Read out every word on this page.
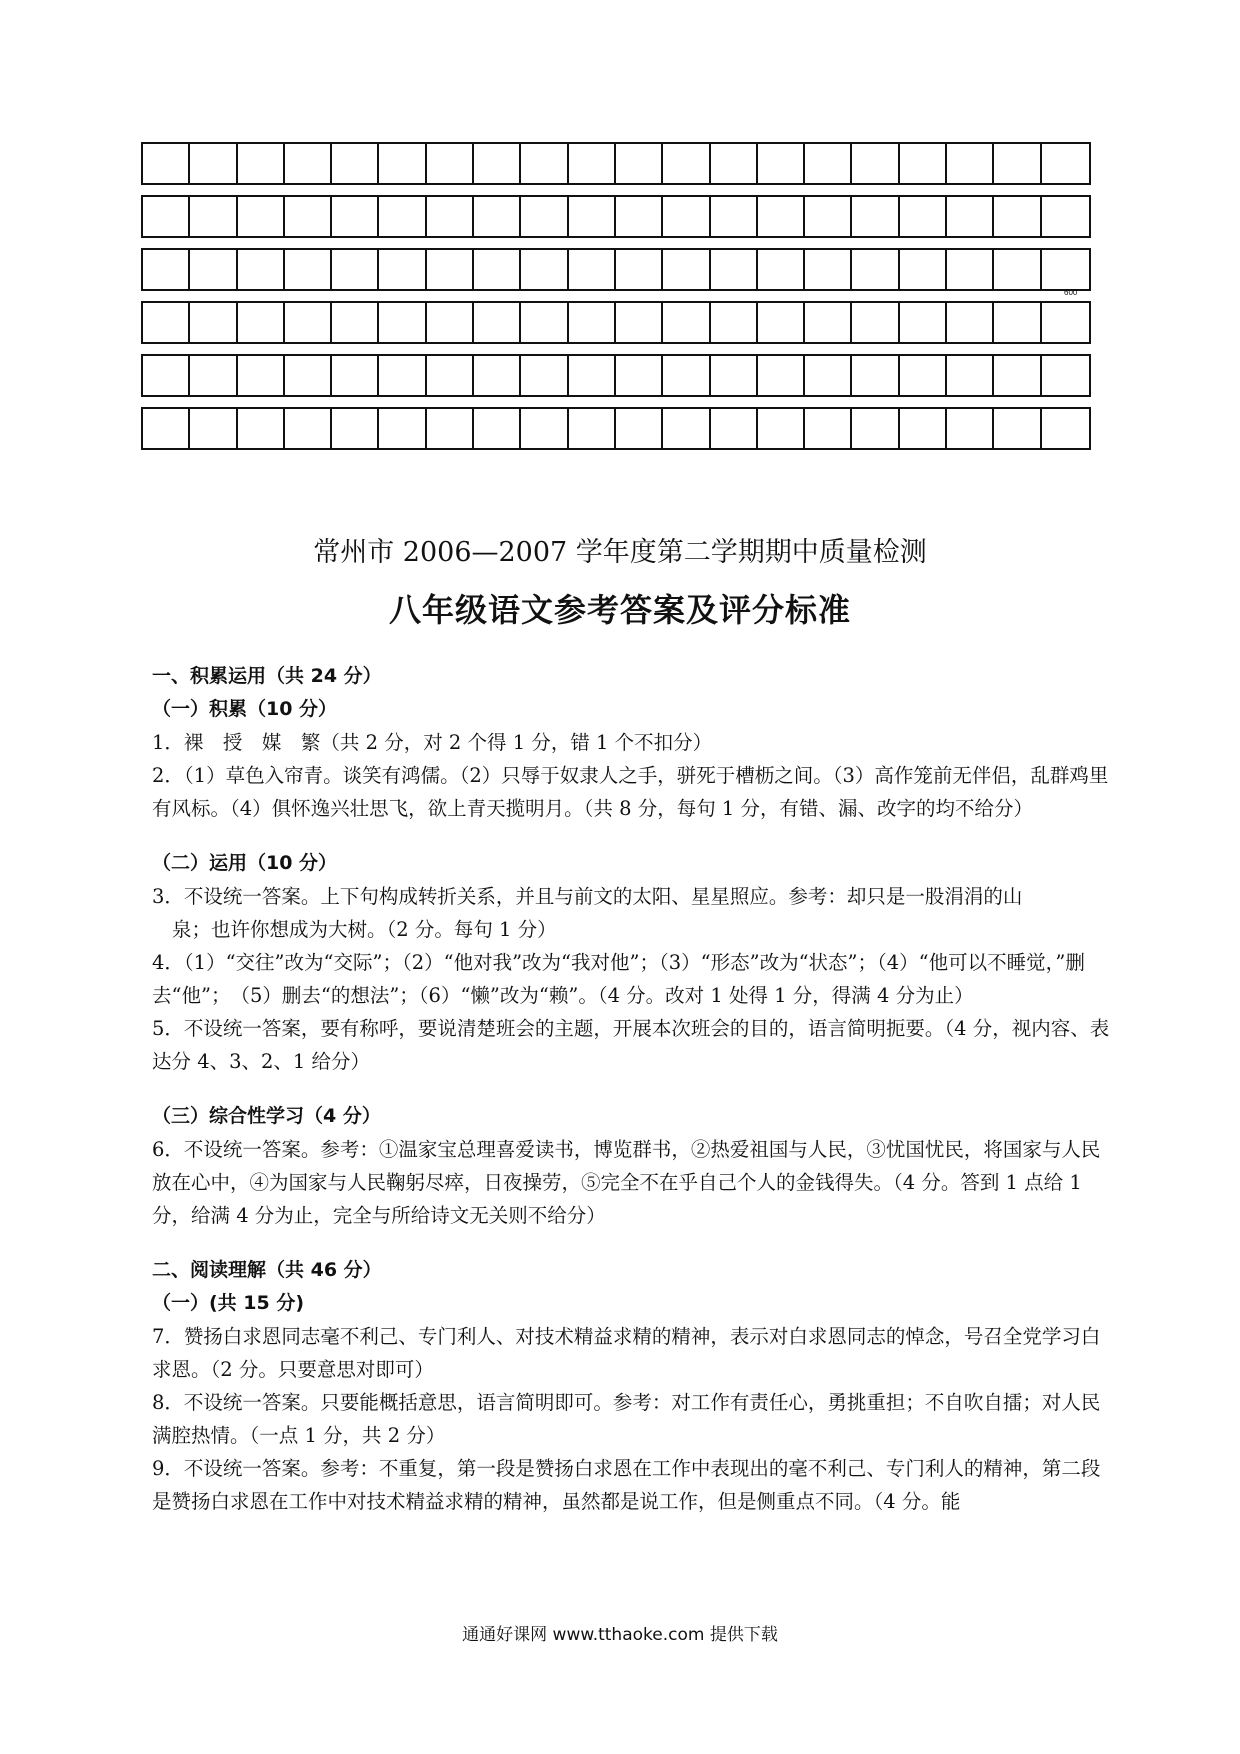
600
常州市 2006—2007 学年度第二学期期中质量检测
八年级语文参考答案及评分标准

一、积累运用（共 24 分）

（一）积累（10 分）

1．裸　授　媒　繁（共 2 分，对 2 个得 1 分，错 1 个不扣分）

2．（1）草色入帘青。谈笑有鸿儒。（2）只辱于奴隶人之手，骈死于槽枥之间。（3）高作笼前无伴侣，乱群鸡里有风标。（4）俱怀逸兴壮思飞，欲上青天揽明月。（共 8 分，每句 1 分，有错、漏、改字的均不给分）

（二）运用（10 分）

3．不设统一答案。上下句构成转折关系，并且与前文的太阳、星星照应。参考：却只是一股涓涓的山

泉；也许你想成为大树。（2 分。每句 1 分）

4．（1）“交往”改为“交际”；（2）“他对我”改为“我对他”；（3）“形态”改为“状态”；（4）“他可以不睡觉，”删去“他”；　（5）删去“的想法”；（6）“懒”改为“赖”。（4 分。改对 1 处得 1 分，得满 4 分为止）

5．不设统一答案，要有称呼，要说清楚班会的主题，开展本次班会的目的，语言简明扼要。（4 分，视内容、表达分 4、3、2、1 给分）

（三）综合性学习（4 分）

6．不设统一答案。参考：①温家宝总理喜爱读书，博览群书，②热爱祖国与人民，③忧国忧民，将国家与人民放在心中，④为国家与人民鞠躬尽瘁，日夜操劳，⑤完全不在乎自己个人的金钱得失。（4 分。答到 1 点给 1 分，给满 4 分为止，完全与所给诗文无关则不给分）

二、阅读理解（共 46 分）

（一）(共 15 分)

7．赞扬白求恩同志毫不利己、专门利人、对技术精益求精的精神，表示对白求恩同志的悼念，号召全党学习白求恩。（2 分。只要意思对即可）

8．不设统一答案。只要能概括意思，语言简明即可。参考：对工作有责任心，勇挑重担；不自吹自擂；对人民满腔热情。（一点 1 分，共 2 分）

9．不设统一答案。参考：不重复，第一段是赞扬白求恩在工作中表现出的毫不利己、专门利人的精神，第二段是赞扬白求恩在工作中对技术精益求精的精神，虽然都是说工作，但是侧重点不同。（4 分。能

通通好课网 www.tthaoke.com 提供下载
